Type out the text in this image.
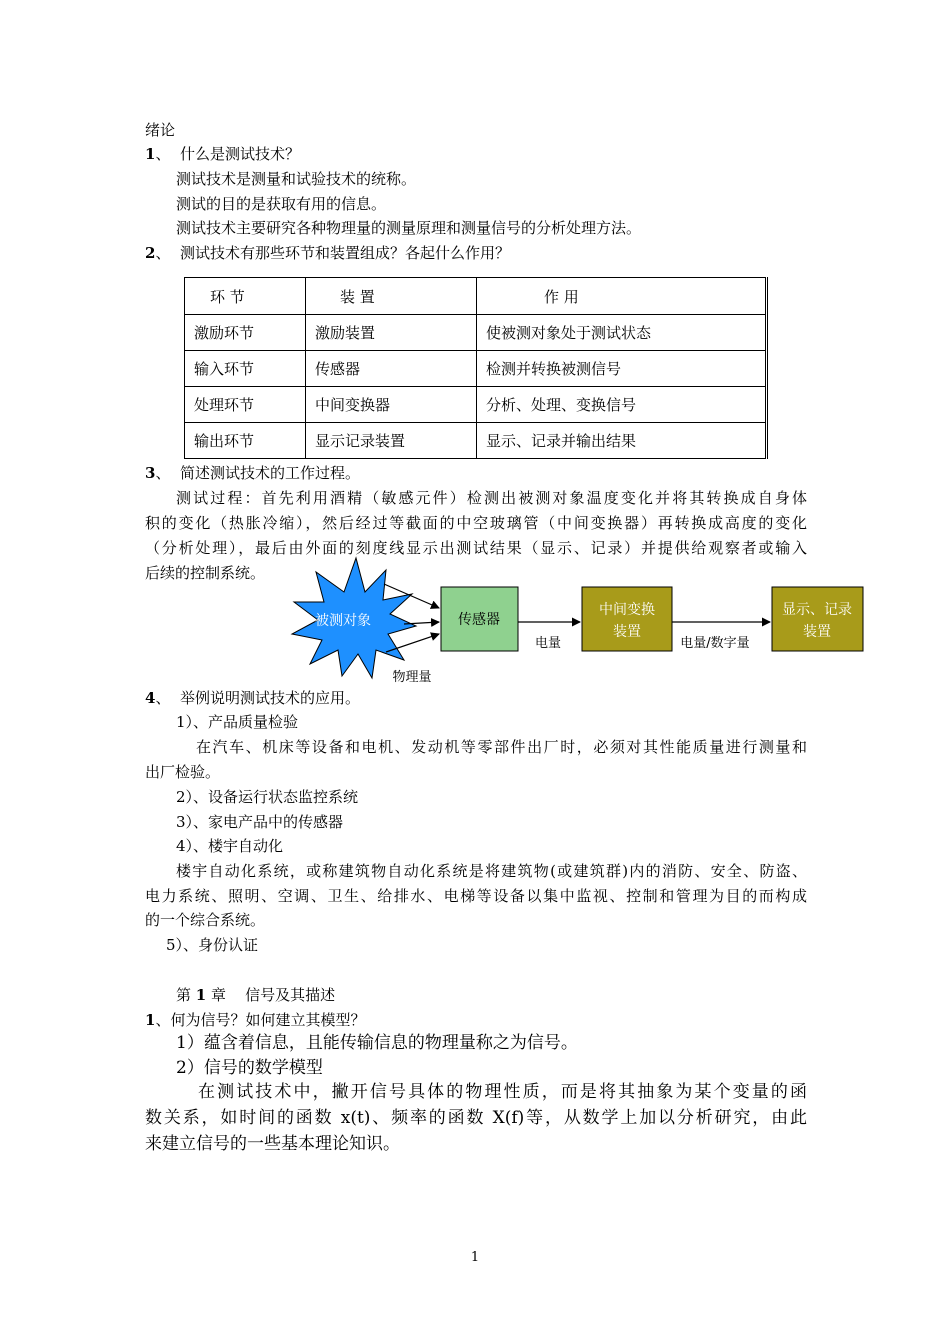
绪论
1、 什么是测试技术？
测试技术是测量和试验技术的统称。
测试的目的是获取有用的信息。
测试技术主要研究各种物理量的测量原理和测量信号的分析处理方法。
2、 测试技术有那些环节和装置组成？各起什么作用？
环 节	装 置	作 用
激励环节	激励装置	使被测对象处于测试状态
输入环节	传感器	检测并转换被测信号
处理环节	中间变换器	分析、处理、变换信号
输出环节	显示记录装置	显示、记录并输出结果
3、 简述测试技术的工作过程。
测试过程：首先利用酒精（敏感元件）检测出被测对象温度变化并将其转换成自身体
积的变化（热胀冷缩），然后经过等截面的中空玻璃管（中间变换器）再转换成高度的变化
（分析处理），最后由外面的刻度线显示出测试结果（显示、记录）并提供给观察者或输入
后续的控制系统。
被测对象	传感器
电量
中间变换
装置
电量/数字量
显示、记录
装置
物理量
4、 举例说明测试技术的应用。
1）、产品质量检验
在汽车、机床等设备和电机、发动机等零部件出厂时，必须对其性能质量进行测量和
出厂检验。
2）、设备运行状态监控系统
3）、家电产品中的传感器
4）、楼宇自动化
楼宇自动化系统，或称建筑物自动化系统是将建筑物(或建筑群)内的消防、安全、防盗、
电力系统、照明、空调、卫生、给排水、电梯等设备以集中监视、控制和管理为目的而构成
的一个综合系统。
5）、身份认证
第 1 章 信号及其描述
1、何为信号？如何建立其模型？
1）蕴含着信息，且能传输信息的物理量称之为信号。
2）信号的数学模型
在测试技术中，撇开信号具体的物理性质，而是将其抽象为某个变量的函
数关系，如时间的函数 x(t)、频率的函数 X(f)等，从数学上加以分析研究，由此
来建立信号的一些基本理论知识。
1
